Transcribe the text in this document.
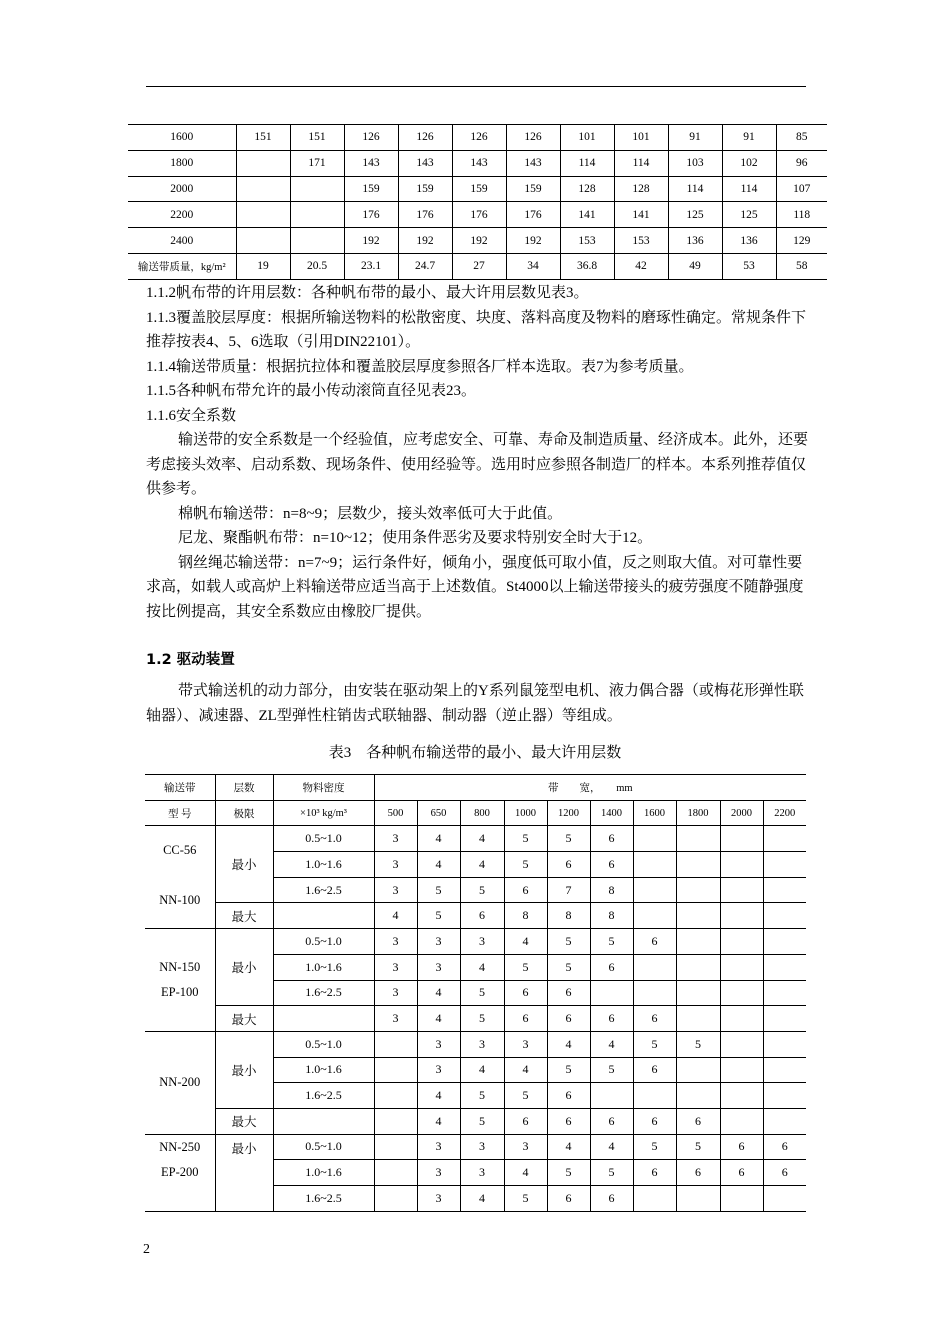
1600	151	151	126	126	126	126	101	101	91	91	85
1800		171	143	143	143	143	114	114	103	102	96
2000			159	159	159	159	128	128	114	114	107
2200			176	176	176	176	141	141	125	125	118
2400			192	192	192	192	153	153	136	136	129
输送带质量，kg/m²	19	20.5	23.1	24.7	27	34	36.8	42	49	53	58

1.1.2帆布带的许用层数：各种帆布带的最小、最大许用层数见表3。

1.1.3覆盖胶层厚度：根据所输送物料的松散密度、块度、落料高度及物料的磨琢性确定。常规条件下推荐按表4、5、6选取（引用DIN22101）。

1.1.4输送带质量：根据抗拉体和覆盖胶层厚度参照各厂样本选取。表7为参考质量。

1.1.5各种帆布带允许的最小传动滚筒直径见表23。

1.1.6安全系数

输送带的安全系数是一个经验值，应考虑安全、可靠、寿命及制造质量、经济成本。此外，还要考虑接头效率、启动系数、现场条件、使用经验等。选用时应参照各制造厂的样本。本系列推荐值仅供参考。

棉帆布输送带：n=8~9；层数少，接头效率低可大于此值。

尼龙、聚酯帆布带：n=10~12；使用条件恶劣及要求特别安全时大于12。

钢丝绳芯输送带：n=7~9；运行条件好，倾角小，强度低可取小值，反之则取大值。对可靠性要求高，如载人或高炉上料输送带应适当高于上述数值。St4000以上输送带接头的疲劳强度不随静强度按比例提高，其安全系数应由橡胶厂提供。

1.2 驱动装置
带式输送机的动力部分，由安装在驱动架上的Y系列鼠笼型电机、液力偶合器（或梅花形弹性联轴器）、减速器、ZL型弹性柱销齿式联轴器、制动器（逆止器）等组成。
表3　各种帆布输送带的最小、最大许用层数
输送带	层数	物料密度	带　　宽，　　mm									
型 号	极限	×10³ kg/m³	500	650	800	1000	1200	1400	1600	1800	2000	2200

CC-56
NN-100	最小	0.5~1.0	3	4	4	5	5	6				
		1.0~1.6	3	4	4	5	6	6				
		1.6~2.5	3	5	5	6	7	8				
	最大		4	5	6	8	8	8				

NN-150
EP-100	最小	0.5~1.0	3	3	3	4	5	5	6			
		1.0~1.6	3	3	4	5	5	6				
		1.6~2.5	3	4	5	6	6					
	最大		3	4	5	6	6	6	6			

NN-200	最小	0.5~1.0		3	3	3	4	4	5	5		
		1.0~1.6		3	4	4	5	5	6			
		1.6~2.5		4	5	5	6					
	最大			4	5	6	6	6	6	6		

NN-250
EP-200	最小	0.5~1.0		3	3	3	4	4	5	5	6	6
		1.0~1.6		3	3	4	5	5	6	6	6	6
		1.6~2.5		3	4	5	6	6				
2
